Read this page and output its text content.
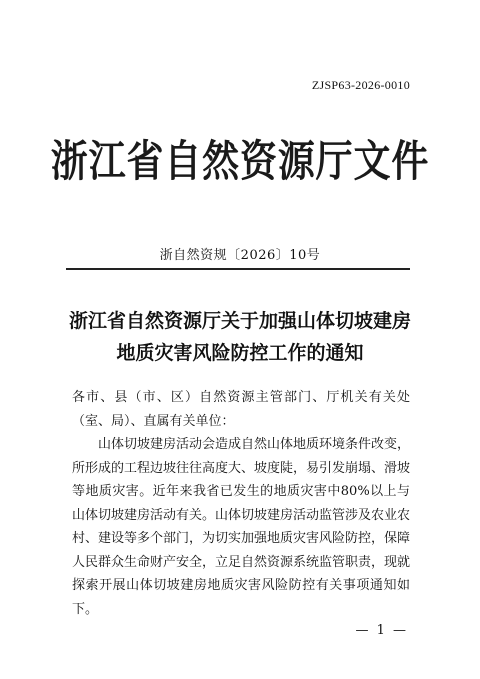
ZJSP63-2026-0010
浙江省自然资源厅文件
浙自然资规〔2026〕10号
浙江省自然资源厅关于加强山体切坡建房
地质灾害风险防控工作的通知

各市、县（市、区）自然资源主管部门、厅机关有关处（室、局）、直属有关单位：

山体切坡建房活动会造成自然山体地质环境条件改变，所形成的工程边坡往往高度大、坡度陡，易引发崩塌、滑坡等地质灾害。近年来我省已发生的地质灾害中80%以上与山体切坡建房活动有关。山体切坡建房活动监管涉及农业农村、建设等多个部门，为切实加强地质灾害风险防控，保障人民群众生命财产安全，立足自然资源系统监管职责，现就探索开展山体切坡建房地质灾害风险防控有关事项通知如下。

— 1 —
